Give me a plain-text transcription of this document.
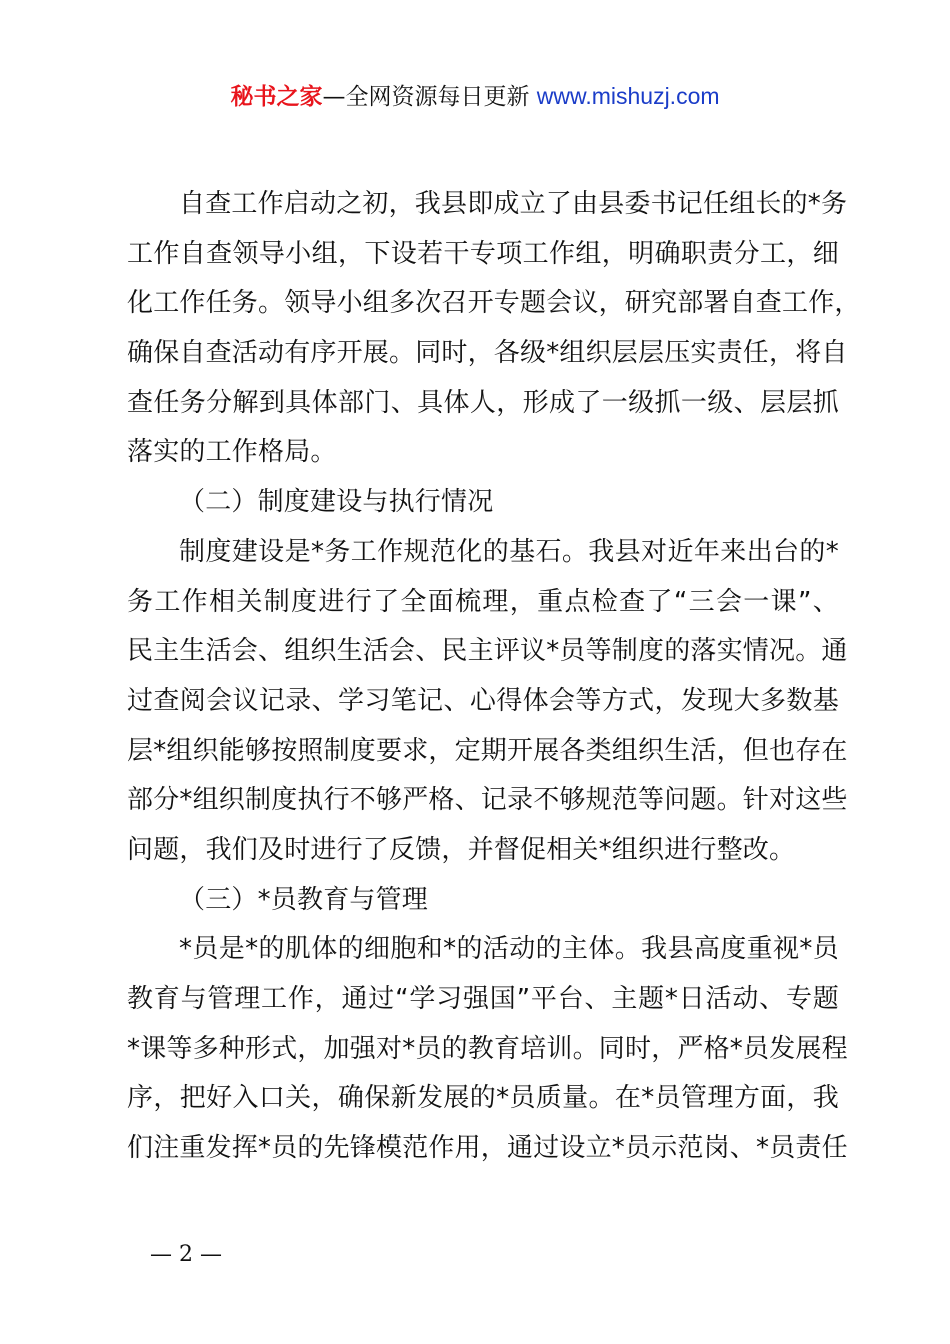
秘书之家—全网资源每日更新 www.mishuzj.com
自查工作启动之初，我县即成立了由县委书记任组长的*务
工作自查领导小组，下设若干专项工作组，明确职责分工，细
化工作任务。领导小组多次召开专题会议，研究部署自查工作，
确保自查活动有序开展。同时，各级*组织层层压实责任，将自
查任务分解到具体部门、具体人，形成了一级抓一级、层层抓
落实的工作格局。
（二）制度建设与执行情况
制度建设是*务工作规范化的基石。我县对近年来出台的*
务工作相关制度进行了全面梳理，重点检查了“三会一课”、
民主生活会、组织生活会、民主评议*员等制度的落实情况。通
过查阅会议记录、学习笔记、心得体会等方式，发现大多数基
层*组织能够按照制度要求，定期开展各类组织生活，但也存在
部分*组织制度执行不够严格、记录不够规范等问题。针对这些
问题，我们及时进行了反馈，并督促相关*组织进行整改。
（三）*员教育与管理
*员是*的肌体的细胞和*的活动的主体。我县高度重视*员
教育与管理工作，通过“学习强国”平台、主题*日活动、专题
*课等多种形式，加强对*员的教育培训。同时，严格*员发展程
序，把好入口关，确保新发展的*员质量。在*员管理方面，我
们注重发挥*员的先锋模范作用，通过设立*员示范岗、*员责任
— 2 —
